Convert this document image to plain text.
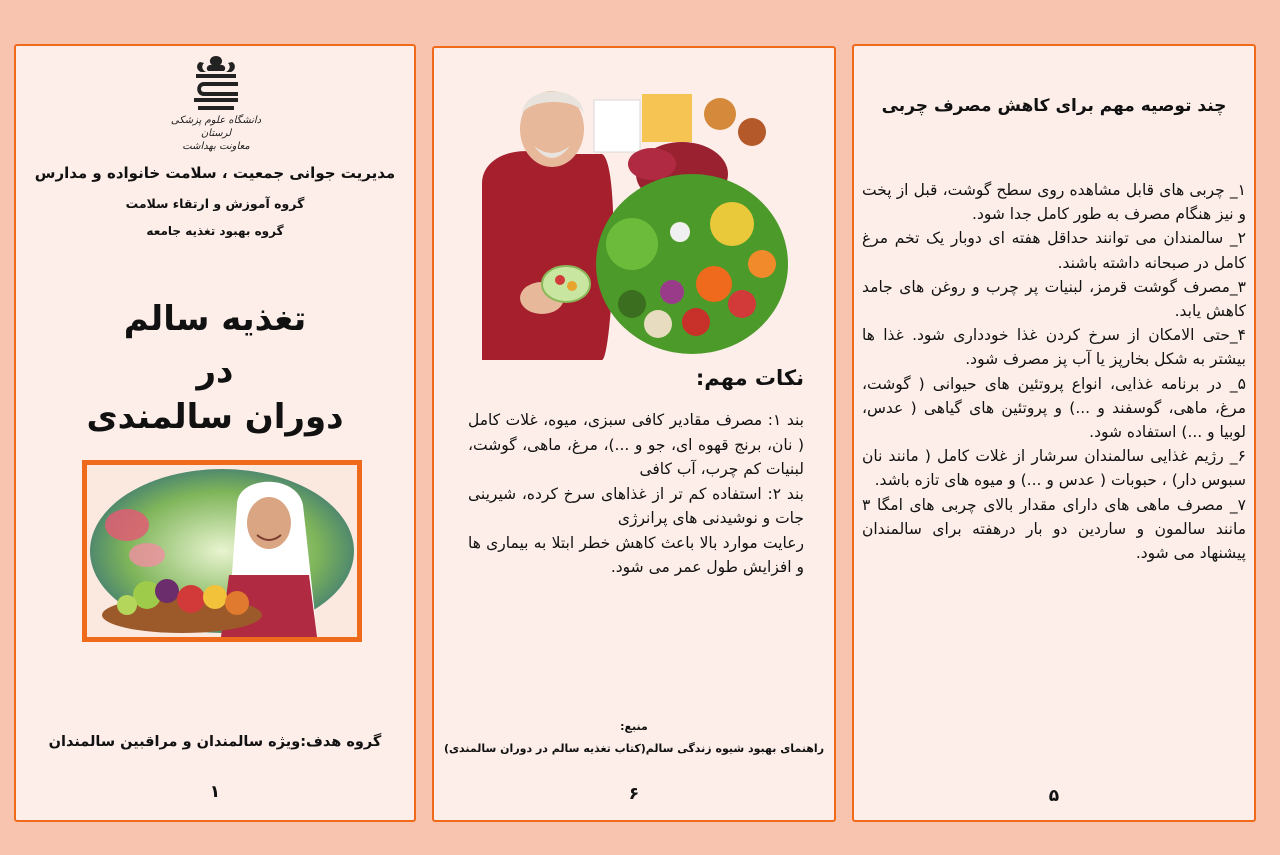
دانشگاه علوم پزشکی لرستان
معاونت بهداشت
مدیریت جوانی جمعیت ، سلامت خانواده و مدارس
گروه آموزش و ارتقاء سلامت
گروه بهبود تغذیه جامعه
تغذیه سالم
در
دوران سالمندی
گروه هدف:ویژه سالمندان و مراقبین سالمندان
۱
نکات مهم:

بند ۱: مصرف مقادیر کافی سبزی، میوه، غلات کامل ( نان، برنج قهوه ای، جو و ...)، مرغ، ماهی، گوشت، لبنیات کم چرب، آب کافی

بند ۲: استفاده کم تر از غذاهای سرخ کرده، شیرینی جات و نوشیدنی های پرانرژی

رعایت موارد بالا باعث کاهش خطر ابتلا به بیماری ها و افزایش طول عمر می شود.

منبع:
راهنمای بهبود شیوه زندگی سالم(کتاب تغذیه سالم در دوران سالمندی)
۶
چند توصیه مهم برای کاهش مصرف چربی

۱_ چربی های قابل مشاهده روی سطح گوشت، قبل از پخت و نیز هنگام مصرف به طور کامل جدا شود.

۲_ سالمندان می توانند حداقل هفته ای دوبار یک تخم مرغ کامل در صبحانه داشته باشند.

۳_مصرف گوشت قرمز، لبنیات پر چرب و روغن های جامد کاهش یابد.

۴_حتی الامکان از سرخ کردن غذا خودداری شود. غذا ها بیشتر به شکل بخارپز یا آب پز مصرف شود.

۵_ در برنامه غذایی، انواع پروتئین های حیوانی ( گوشت، مرغ، ماهی، گوسفند و ...) و پروتئین های گیاهی ( عدس، لوبیا و ...) استفاده شود.

۶_ رژیم غذایی سالمندان سرشار از غلات کامل ( مانند نان سبوس دار) ، حبوبات ( عدس و ...) و میوه های تازه باشد.

۷_ مصرف ماهی های دارای مقدار بالای چربی های امگا ۳ مانند سالمون و ساردین دو بار درهفته برای سالمندان پیشنهاد می شود.

۵
